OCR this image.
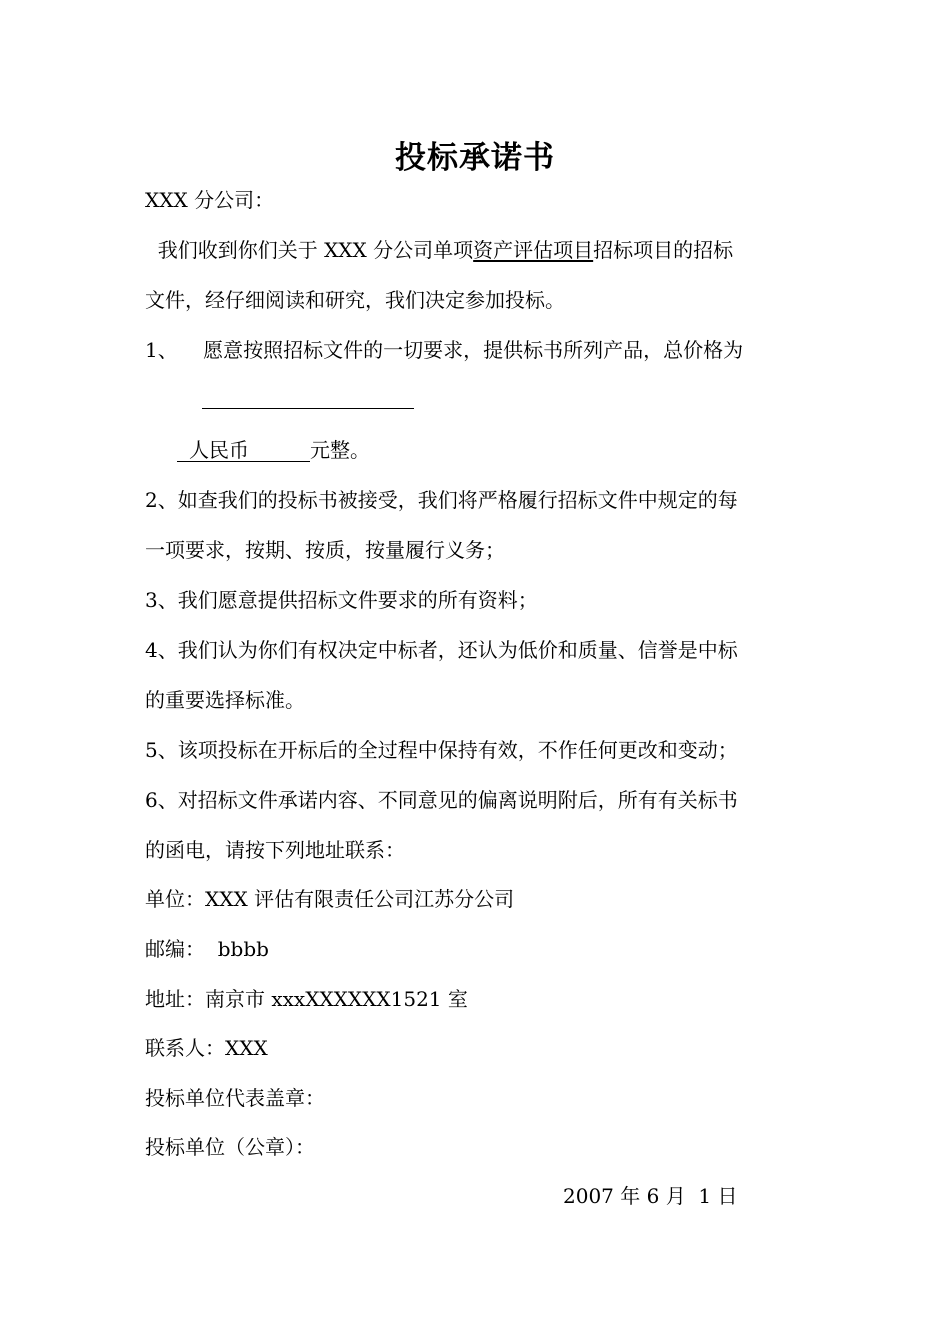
投标承诺书
XXX 分公司：
我们收到你们关于 XXX 分公司单项资产评估项目招标项目的招标
文件，经仔细阅读和研究，我们决定参加投标。
1、    愿意按照招标文件的一切要求，提供标书所列产品，总价格为
人民币	元整。
2、如查我们的投标书被接受，我们将严格履行招标文件中规定的每
一项要求，按期、按质，按量履行义务；
3、我们愿意提供招标文件要求的所有资料；
4、我们认为你们有权决定中标者，还认为低价和质量、信誉是中标
的重要选择标准。
5、该项投标在开标后的全过程中保持有效，不作任何更改和变动；
6、对招标文件承诺内容、不同意见的偏离说明附后，所有有关标书
的函电，请按下列地址联系：
单位：XXX 评估有限责任公司江苏分公司
邮编：  bbbb
地址：南京市 xxxXXXXXX1521 室
联系人：XXX
投标单位代表盖章：
投标单位（公章）：
2007 年 6 月  1 日
